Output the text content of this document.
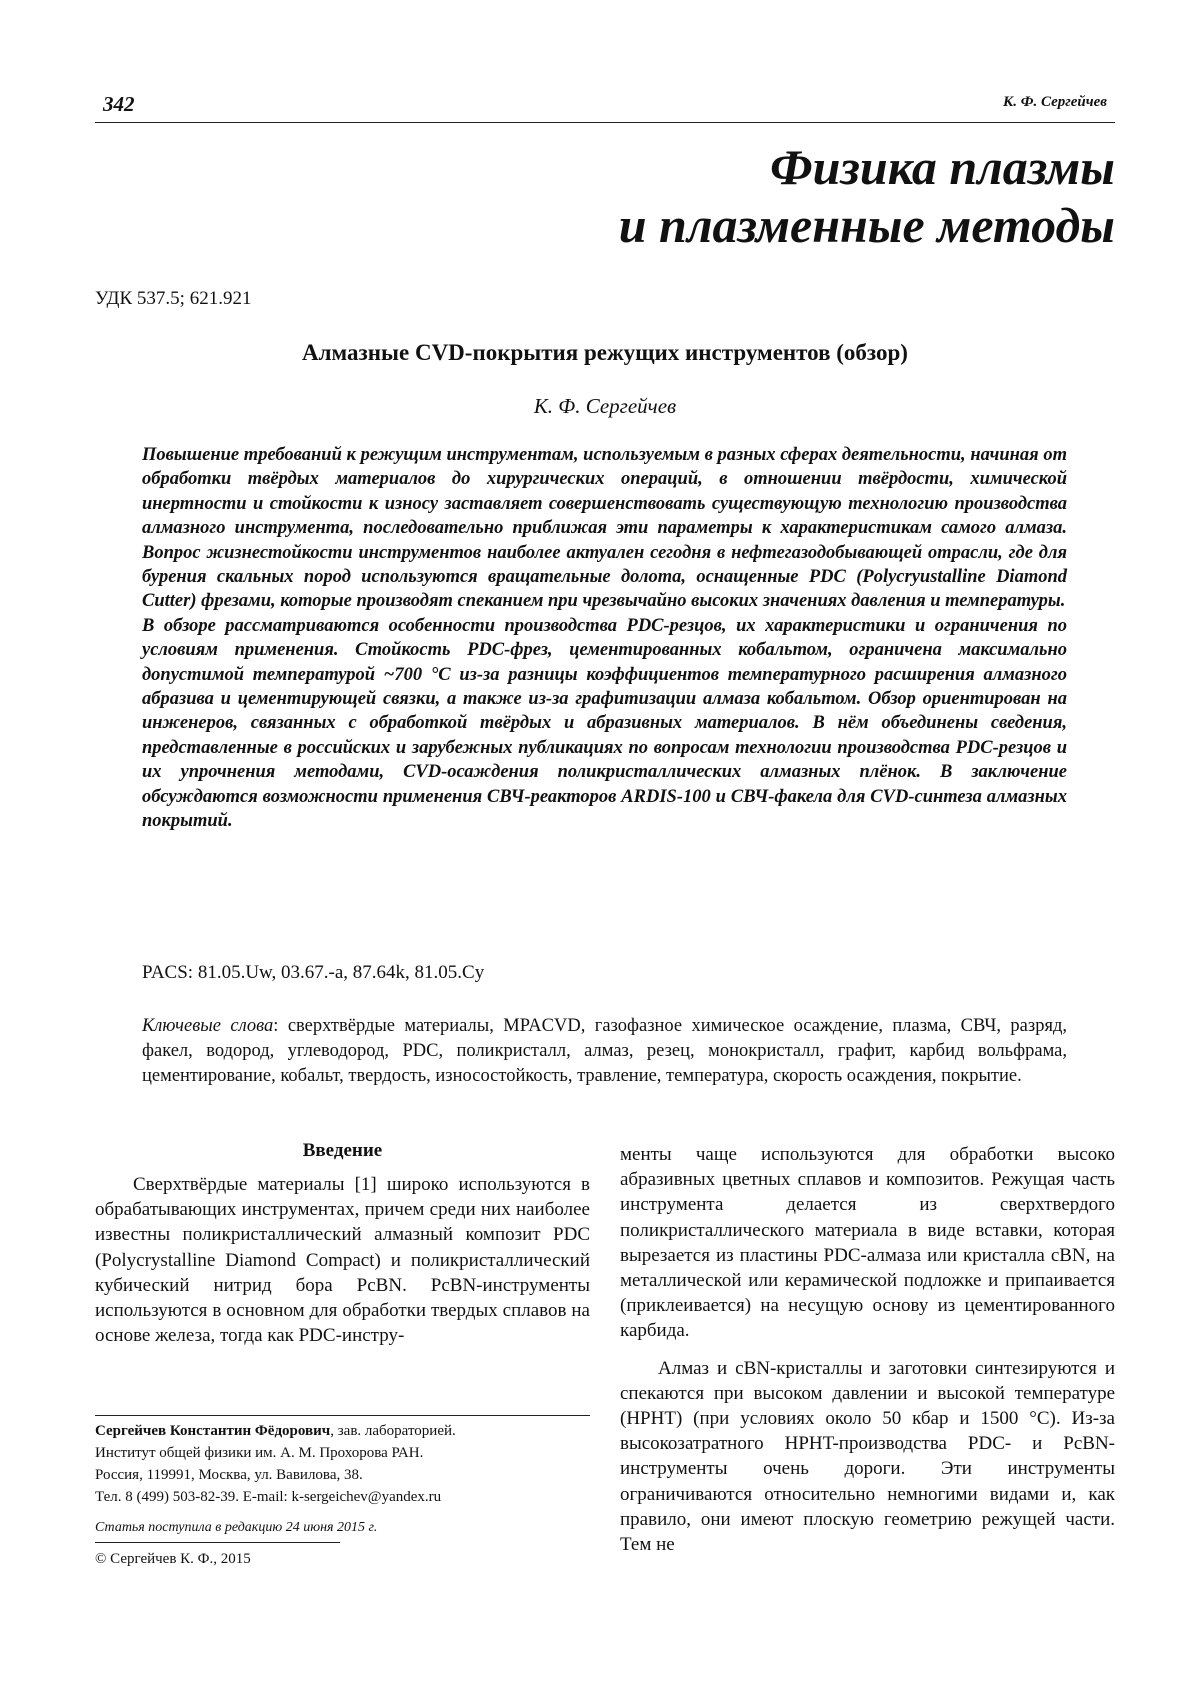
342	К. Ф. Сергейчев
Физика плазмы
и плазменные методы
УДК 537.5; 621.921
Алмазные CVD-покрытия режущих инструментов (обзор)
К. Ф. Сергейчев

Повышение требований к режущим инструментам, используемым в разных сферах деятельности, начиная от обработки твёрдых материалов до хирургических операций, в отношении твёрдости, химической инертности и стойкости к износу заставляет совершенствовать существующую технологию производства алмазного инструмента, последовательно приближая эти параметры к характеристикам самого алмаза. Вопрос жизнестойкости инструментов наиболее актуален сегодня в нефтегазодобывающей отрасли, где для бурения скальных пород используются вращательные долота, оснащенные PDC (Polycryustalline Diamond Cutter) фрезами, которые производят спеканием при чрезвычайно высоких значениях давления и температуры.

В обзоре рассматриваются особенности производства PDC-резцов, их характеристики и ограничения по условиям применения. Стойкость PDC-фрез, цементированных кобальтом, ограничена максимально допустимой температурой ~700 °С из-за разницы коэффициентов температурного расширения алмазного абразива и цементирующей связки, а также из-за графитизации алмаза кобальтом. Обзор ориентирован на инженеров, связанных с обработкой твёрдых и абразивных материалов. В нём объединены сведения, представленные в российских и зарубежных публикациях по вопросам технологии производства PDC-резцов и их упрочнения методами, CVD-осаждения поликристаллических алмазных плёнок. В заключение обсуждаются возможности применения СВЧ-реакторов ARDIS-100 и СВЧ-факела для CVD-синтеза алмазных покрытий.

PACS: 81.05.Uw, 03.67.-a, 87.64k, 81.05.Cy
Ключевые слова: сверхтвёрдые материалы, MPACVD, газофазное химическое осаждение, плазма, СВЧ, разряд, факел, водород, углеводород, PDC, поликристалл, алмаз, резец, монокристалл, графит, карбид вольфрама, цементирование, кобальт, твердость, износостойкость, травление, температура, скорость осаждения, покрытие.
Введение

Сверхтвёрдые материалы [1] широко используются в обрабатывающих инструментах, причем среди них наиболее известны поликристаллический алмазный композит PDC (Polycrystalline Diamond Compact) и поликристаллический кубический нитрид бора PcBN. PcBN-инструменты используются в основном для обработки твердых сплавов на основе железа, тогда как PDC-инстру-

менты чаще используются для обработки высоко абразивных цветных сплавов и композитов. Режущая часть инструмента делается из сверхтвердого поликристаллического материала в виде вставки, которая вырезается из пластины PDC-алмаза или кристалла cBN, на металлической или керамической подложке и припаивается (приклеивается) на несущую основу из цементированного карбида.

Алмаз и cBN-кристаллы и заготовки синтезируются и спекаются при высоком давлении и высокой температуре (HPHT) (при условиях около 50 кбар и 1500 °С). Из-за высокозатратного HPHT-производства PDC- и PcBN-инструменты очень дороги. Эти инструменты ограничиваются относительно немногими видами и, как правило, они имеют плоскую геометрию режущей части. Тем не

Сергейчев Константин Фёдорович, зав. лабораторией.
Институт общей физики им. А. М. Прохорова РАН.
Россия, 119991, Москва, ул. Вавилова, 38.
Тел. 8 (499) 503-82-39. E-mail: k-sergeichev@yandex.ru
Статья поступила в редакцию 24 июня 2015 г.
© Сергейчев К. Ф., 2015
